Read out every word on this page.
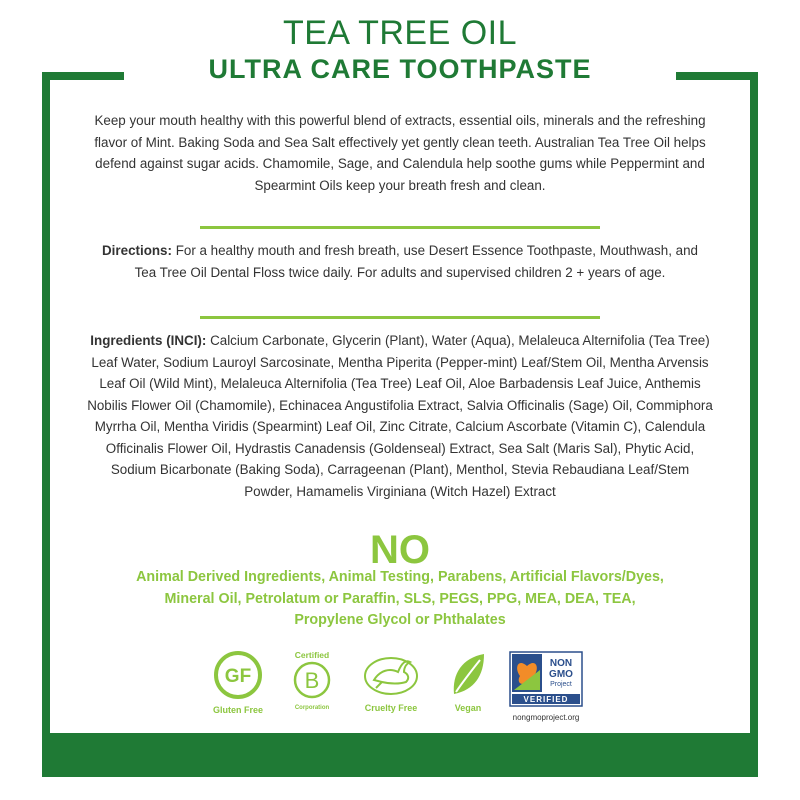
TEA TREE OIL
ULTRA CARE TOOTHPASTE
Keep your mouth healthy with this powerful blend of extracts, essential oils, minerals and the refreshing flavor of Mint. Baking Soda and Sea Salt effectively yet gently clean teeth. Australian Tea Tree Oil helps defend against sugar acids. Chamomile, Sage, and Calendula help soothe gums while Peppermint and Spearmint Oils keep your breath fresh and clean.
Directions: For a healthy mouth and fresh breath, use Desert Essence Toothpaste, Mouthwash, and Tea Tree Oil Dental Floss twice daily. For adults and supervised children 2 + years of age.
Ingredients (INCI): Calcium Carbonate, Glycerin (Plant), Water (Aqua), Melaleuca Alternifolia (Tea Tree) Leaf Water, Sodium Lauroyl Sarcosinate, Mentha Piperita (Pepper-mint) Leaf/Stem Oil, Mentha Arvensis Leaf Oil (Wild Mint), Melaleuca Alternifolia (Tea Tree) Leaf Oil, Aloe Barbadensis Leaf Juice, Anthemis Nobilis Flower Oil (Chamomile), Echinacea Angustifolia Extract, Salvia Officinalis (Sage) Oil, Commiphora Myrrha Oil, Mentha Viridis (Spearmint) Leaf Oil, Zinc Citrate, Calcium Ascorbate (Vitamin C), Calendula Officinalis Flower Oil, Hydrastis Canadensis (Goldenseal) Extract, Sea Salt (Maris Sal), Phytic Acid, Sodium Bicarbonate (Baking Soda), Carrageenan (Plant), Menthol, Stevia Rebaudiana Leaf/Stem Powder, Hamamelis Virginiana (Witch Hazel) Extract
NO
Animal Derived Ingredients, Animal Testing, Parabens, Artificial Flavors/Dyes, Mineral Oil, Petrolatum or Paraffin, SLS, PEGS, PPG, MEA, DEA, TEA, Propylene Glycol or Phthalates
GF
Gluten Free
Certified
B
Corporation	Cruelty Free	Vegan
NON
GMO
Project
VERIFIED
nongmoproject.org
